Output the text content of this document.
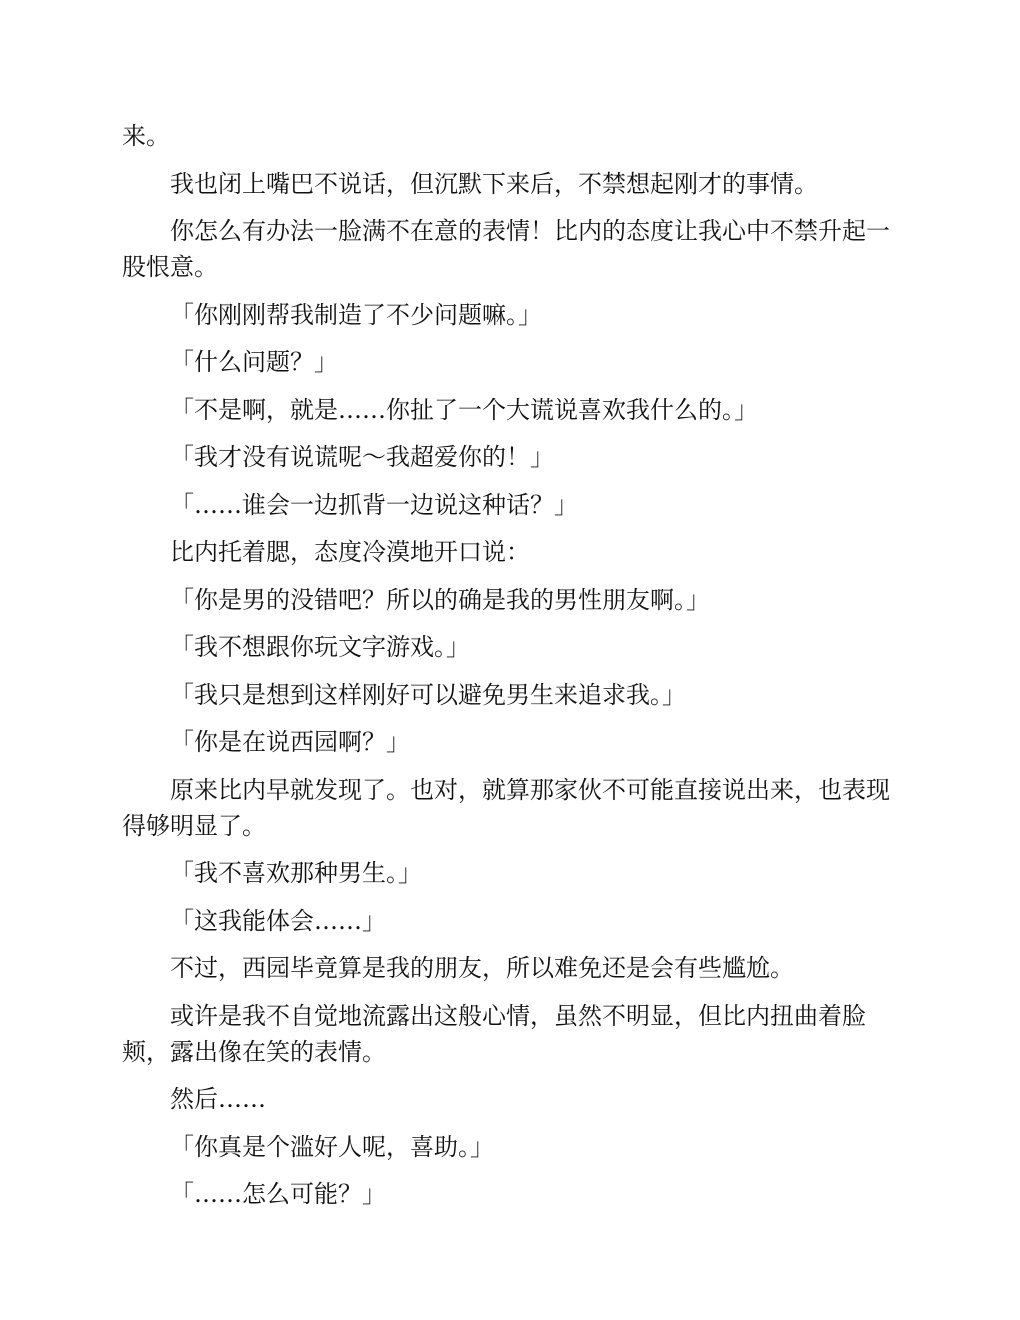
来。

我也闭上嘴巴不说话，但沉默下来后，不禁想起刚才的事情。

你怎么有办法一脸满不在意的表情！比内的态度让我心中不禁升起一股恨意。

「你刚刚帮我制造了不少问题嘛。」

「什么问题？」

「不是啊，就是……你扯了一个大谎说喜欢我什么的。」

「我才没有说谎呢～我超爱你的！」

「……谁会一边抓背一边说这种话？」

比内托着腮，态度冷漠地开口说：

「你是男的没错吧？所以的确是我的男性朋友啊。」

「我不想跟你玩文字游戏。」

「我只是想到这样刚好可以避免男生来追求我。」

「你是在说西园啊？」

原来比内早就发现了。也对，就算那家伙不可能直接说出来，也表现得够明显了。

「我不喜欢那种男生。」

「这我能体会……」

不过，西园毕竟算是我的朋友，所以难免还是会有些尴尬。

或许是我不自觉地流露出这般心情，虽然不明显，但比内扭曲着脸颊，露出像在笑的表情。

然后……

「你真是个滥好人呢，喜助。」

「……怎么可能？」
